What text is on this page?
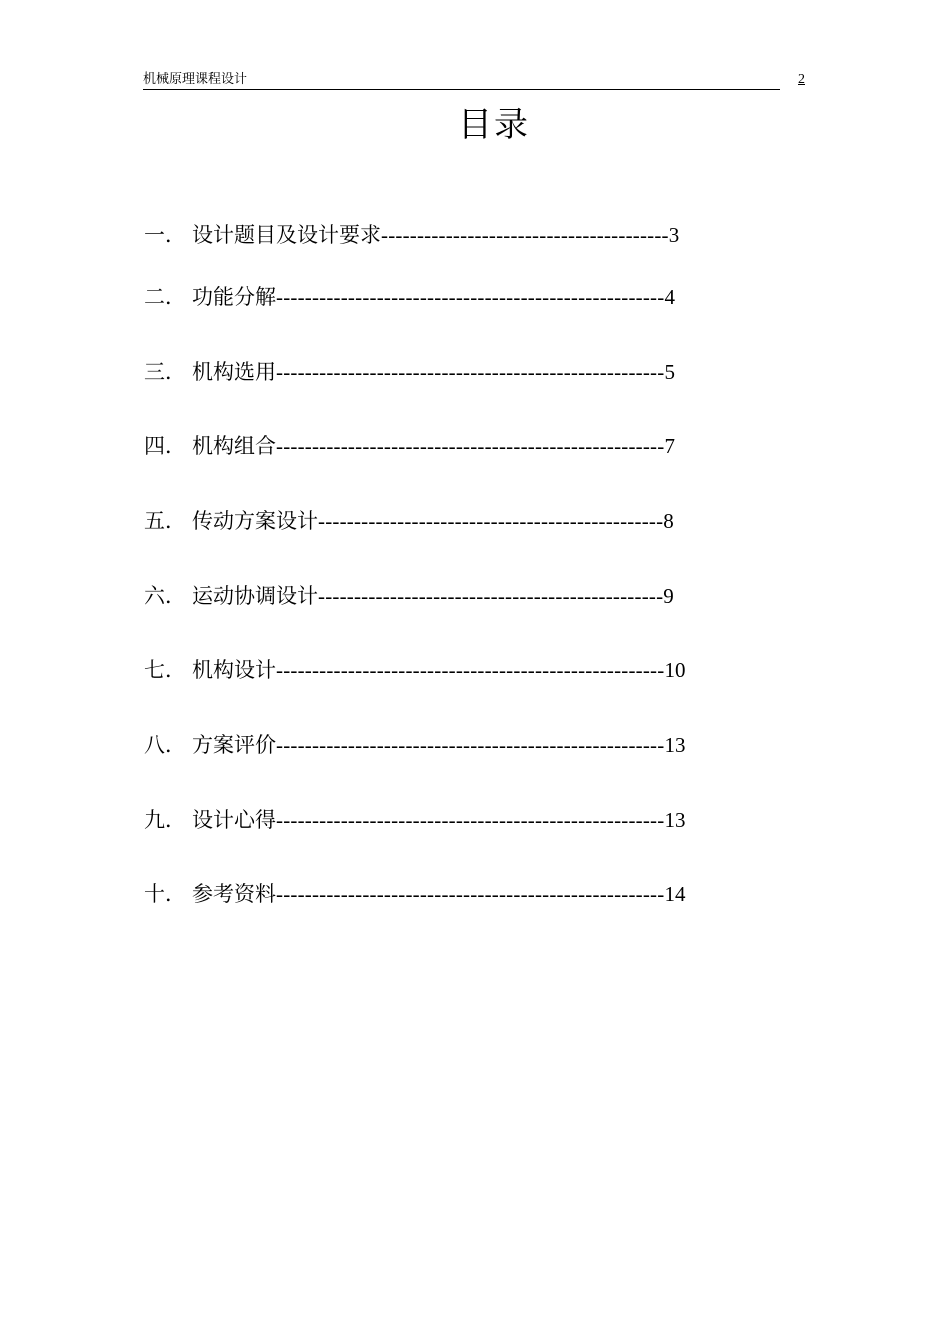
机械原理课程设计	2
目录
一． 设计题目及设计要求 ---------------------------------------- 3
二． 功能分解 ------------------------------------------------------ 4
三． 机构选用 ------------------------------------------------------ 5
四． 机构组合 ------------------------------------------------------ 7
五． 传动方案设计 ------------------------------------------------ 8
六． 运动协调设计 ------------------------------------------------ 9
七． 机构设计 ------------------------------------------------------ 10
八． 方案评价 ------------------------------------------------------ 13
九． 设计心得 ------------------------------------------------------ 13
十． 参考资料 ------------------------------------------------------ 14
